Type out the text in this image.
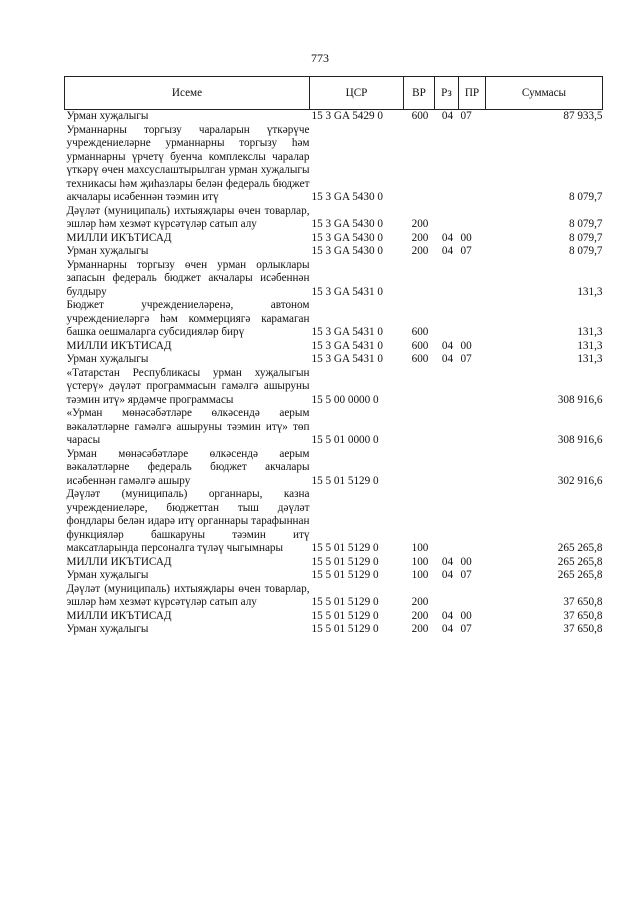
773
Исеме	ЦСР	ВР	Рз	ПР	Суммасы
Урман хуҗалыгы	15 3 GA 5429 0	600	04	07	87 933,5
Урманнарны торгызу чараларын үткәрүче учреждениеләрне урманнарны торгызу һәм урманнарны үрчетү буенча комплекслы чаралар үткәрү өчен махсуслаштырылган урман хуҗалыгы техникасы һәм җиһазлары белән федераль бюджет акчалары исәбеннән тәэмин итү	15 3 GA 5430 0				8 079,7
Дәүләт (муниципаль) ихтыяҗлары өчен товарлар, эшләр һәм хезмәт күрсәтүләр сатып алу	15 3 GA 5430 0	200			8 079,7
МИЛЛИ ИКЪТИСАД	15 3 GA 5430 0	200	04	00	8 079,7
Урман хуҗалыгы	15 3 GA 5430 0	200	04	07	8 079,7
Урманнарны торгызу өчен урман орлыклары запасын федераль бюджет акчалары исәбеннән булдыру	15 3 GA 5431 0				131,3
Бюджет учреждениеләренә, автоном учреждениеләргә һәм коммерциягә карамаган башка оешмаларга субсидияләр бирү	15 3 GA 5431 0	600			131,3
МИЛЛИ ИКЪТИСАД	15 3 GA 5431 0	600	04	00	131,3
Урман хуҗалыгы	15 3 GA 5431 0	600	04	07	131,3
«Татарстан Республикасы урман хуҗалыгын үстерү» дәүләт программасын гамәлгә ашыруны тәэмин итү» ярдәмче программасы	15 5 00 0000 0				308 916,6
«Урман мөнәсәбәтләре өлкәсендә аерым вәкаләтләрне гамәлгә ашыруны тәэмин итү» төп чарасы	15 5 01 0000 0				308 916,6
Урман мөнәсәбәтләре өлкәсендә аерым вәкаләтләрне федераль бюджет акчалары исәбеннән гамәлгә ашыру	15 5 01 5129 0				302 916,6
Дәүләт (муниципаль) органнары, казна учреждениеләре, бюджеттан тыш дәүләт фондлары белән идарә итү органнары тарафыннан функцияләр башкаруны тәэмин итү максатларында персоналга түләү чыгымнары	15 5 01 5129 0	100			265 265,8
МИЛЛИ ИКЪТИСАД	15 5 01 5129 0	100	04	00	265 265,8
Урман хуҗалыгы	15 5 01 5129 0	100	04	07	265 265,8
Дәүләт (муниципаль) ихтыяҗлары өчен товарлар, эшләр һәм хезмәт күрсәтүләр сатып алу	15 5 01 5129 0	200			37 650,8
МИЛЛИ ИКЪТИСАД	15 5 01 5129 0	200	04	00	37 650,8
Урман хуҗалыгы	15 5 01 5129 0	200	04	07	37 650,8
